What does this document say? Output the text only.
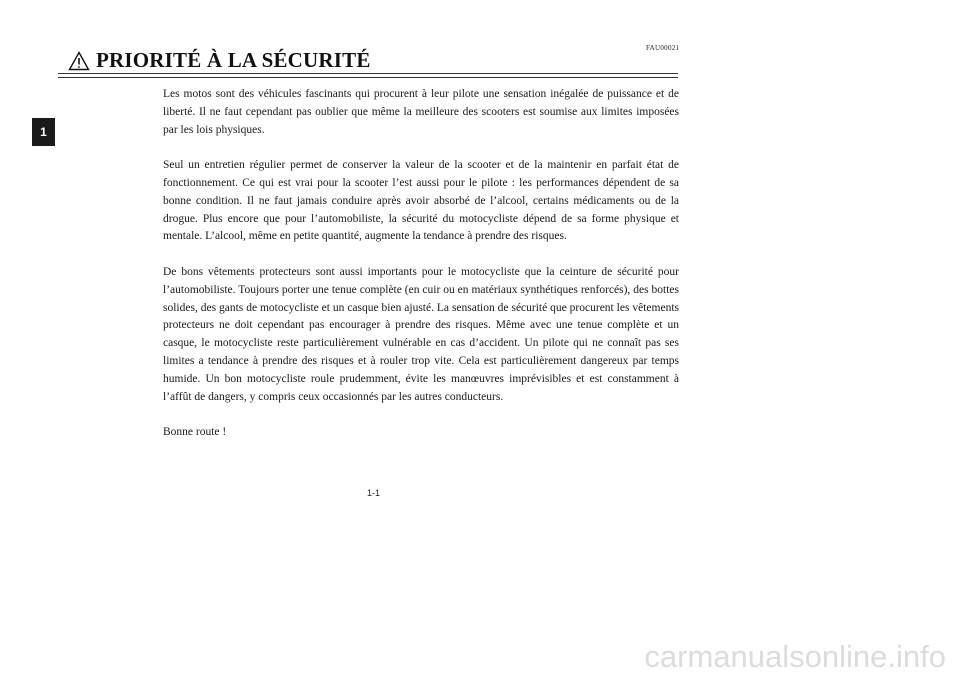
FAU00021
PRIORITÉ À LA SÉCURITÉ
1

Les motos sont des véhicules fascinants qui procurent à leur pilote une sensation inégalée de puissance et de liberté. Il ne faut cependant pas oublier que même la meilleure des scooters est soumise aux limites imposées par les lois physiques.

Seul un entretien régulier permet de conserver la valeur de la scooter et de la maintenir en parfait état de fonctionnement. Ce qui est vrai pour la scooter l’est aussi pour le pilote : les performances dépendent de sa bonne condition. Il ne faut jamais conduire après avoir absorbé de l’alcool, certains médicaments ou de la drogue. Plus encore que pour l’automobiliste, la sécurité du motocycliste dépend de sa forme physique et mentale. L’alcool, même en petite quantité, augmente la tendance à prendre des risques.

De bons vêtements protecteurs sont aussi importants pour le motocycliste que la ceinture de sécurité pour l’automobiliste. Toujours porter une tenue complète (en cuir ou en matériaux synthétiques renforcés), des bottes solides, des gants de motocycliste et un casque bien ajusté. La sensation de sécurité que procurent les vêtements protecteurs ne doit cependant pas encourager à prendre des risques. Même avec une tenue complète et un casque, le motocycliste reste particulièrement vulnérable en cas d’accident. Un pilote qui ne connaît pas ses limites a tendance à prendre des risques et à rouler trop vite. Cela est particulièrement dangereux par temps humide. Un bon motocycliste roule prudemment, évite les manœuvres imprévisibles et est constamment à l’affût de dangers, y compris ceux occasionnés par les autres conducteurs.

Bonne route !

1-1
carmanualsonline.info
